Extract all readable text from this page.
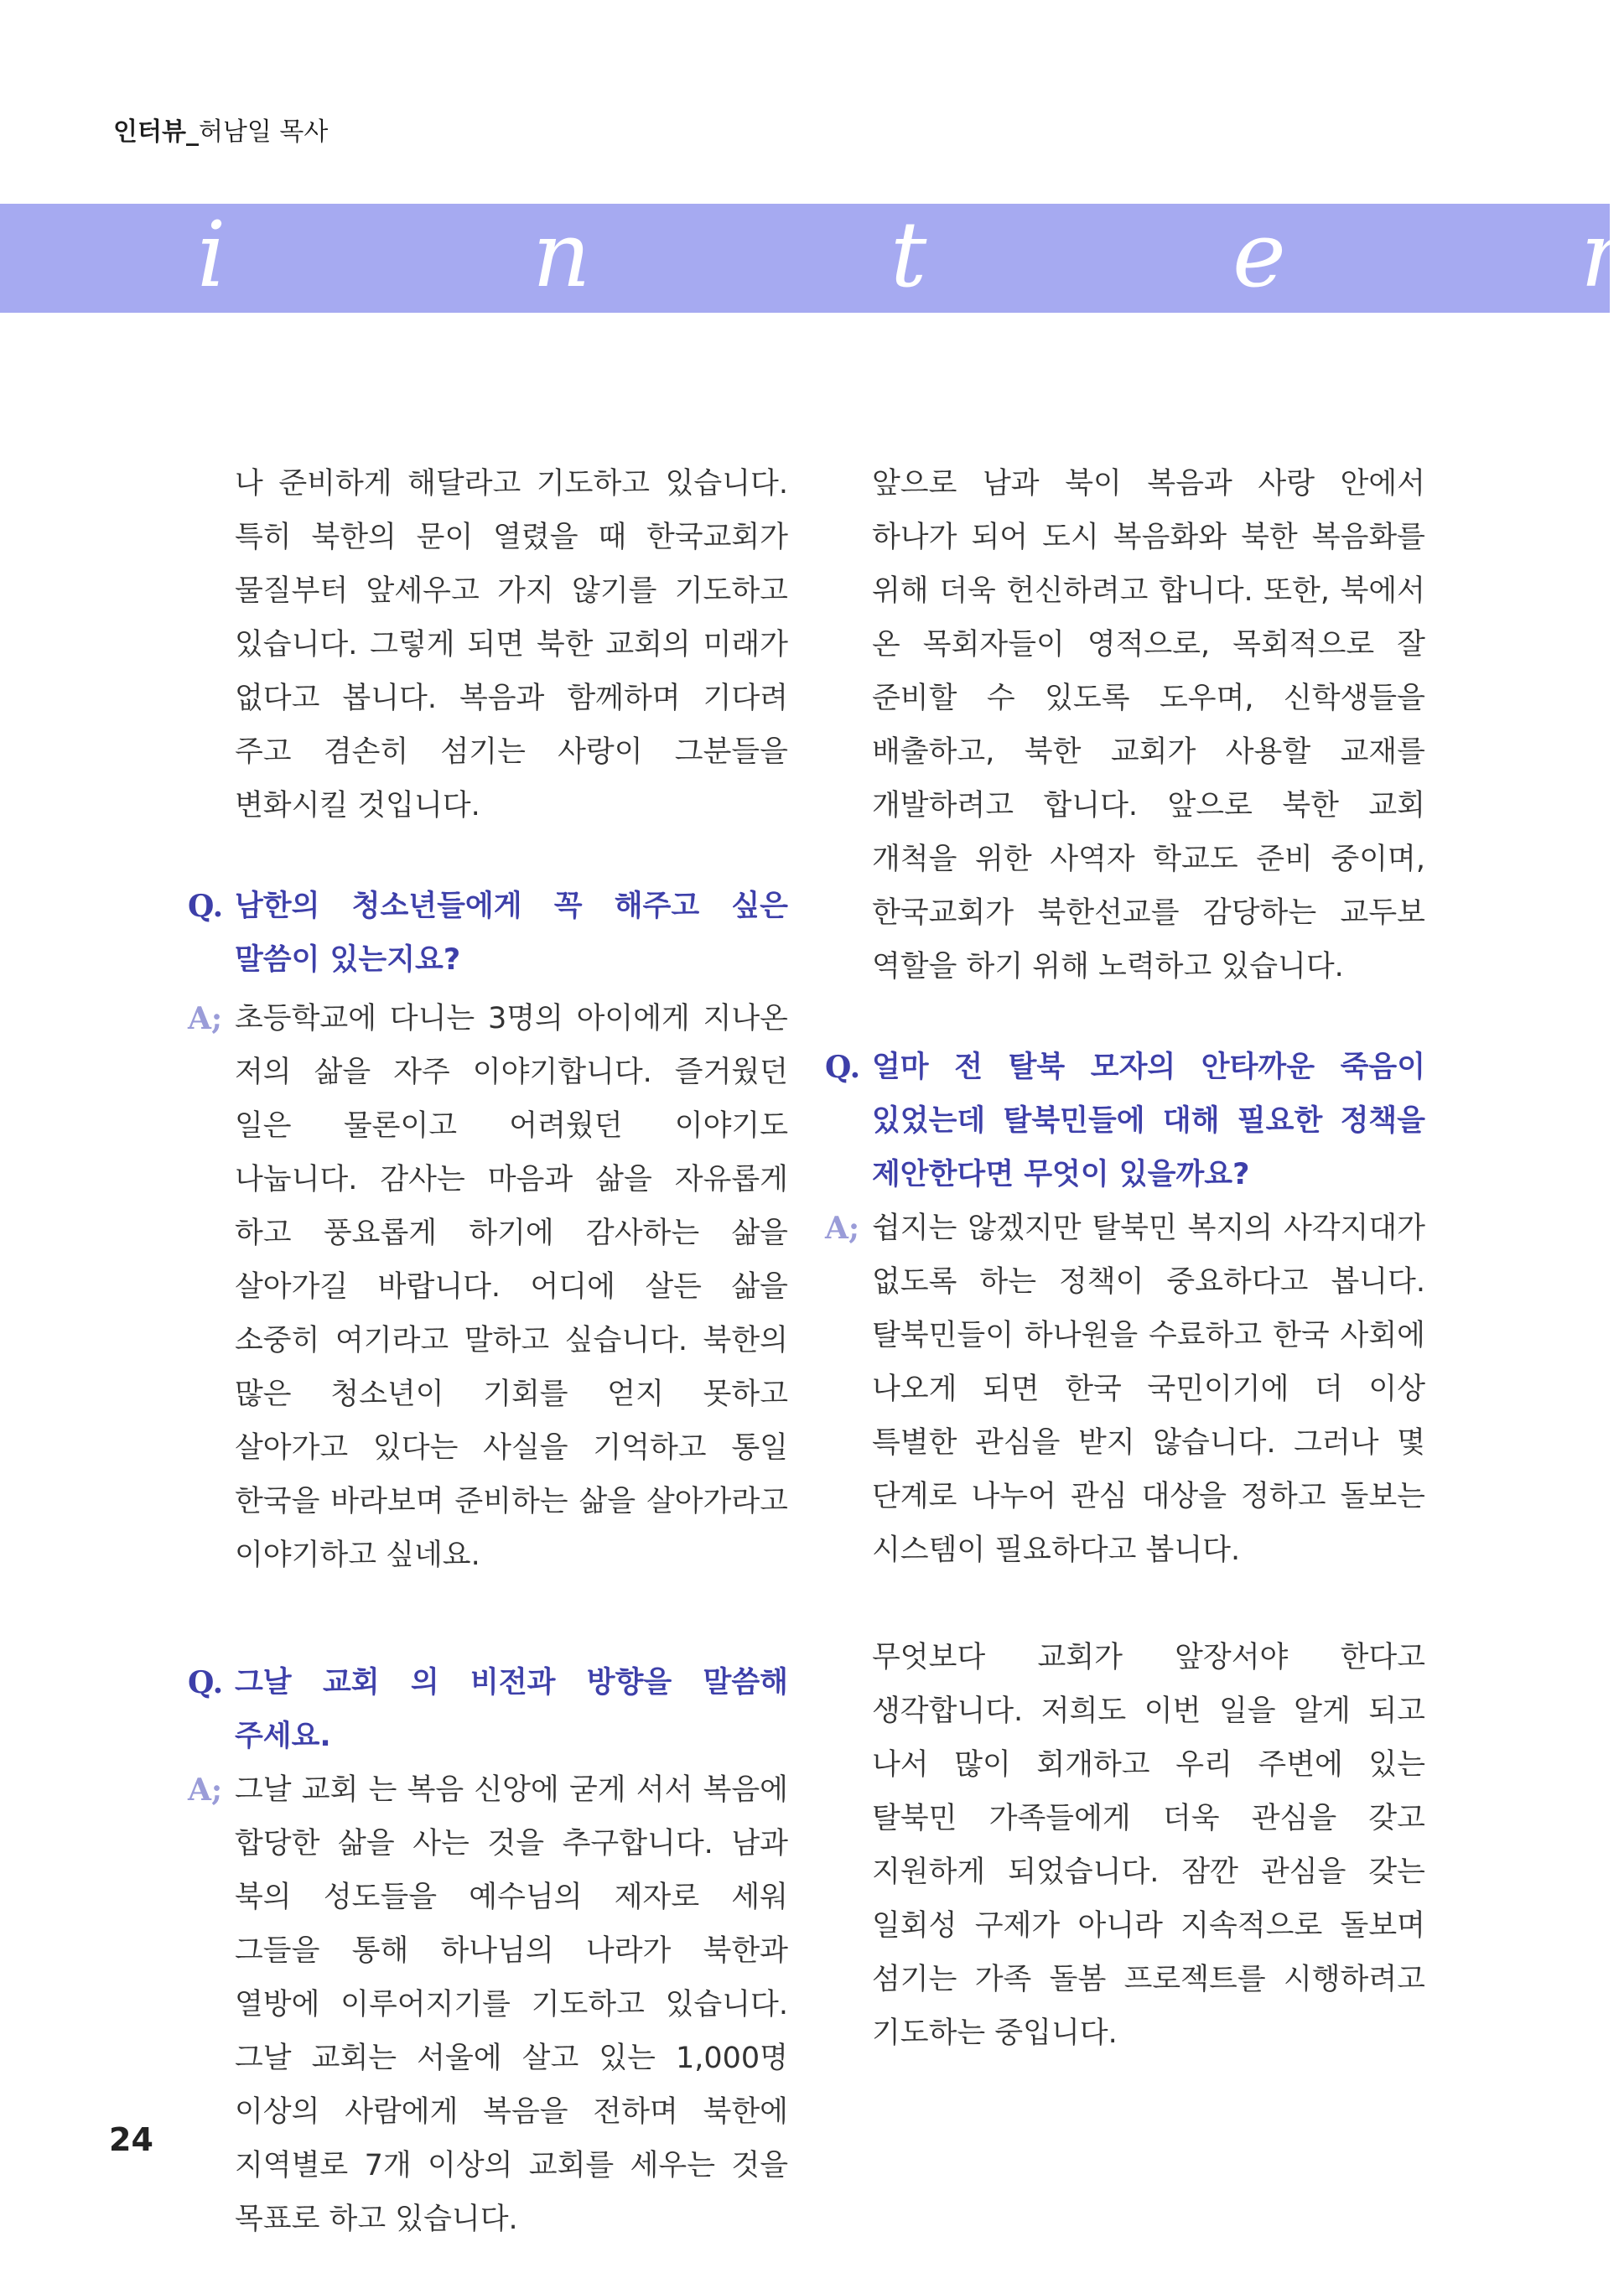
인터뷰_허남일 목사
i	n	t	e	r

나 준비하게 해달라고 기도하고 있습니다. 특히 북한의 문이 열렸을 때 한국교회가 물질부터 앞세우고 가지 않기를 기도하고 있습니다. 그렇게 되면 북한 교회의 미래가 없다고 봅니다. 복음과 함께하며 기다려 주고 겸손히 섬기는 사랑이 그분들을 변화시킬 것입니다.

Q. 남한의 청소년들에게 꼭 해주고 싶은 말씀이 있는지요?

A; 초등학교에 다니는 3명의 아이에게 지나온 저의 삶을 자주 이야기합니다. 즐거웠던 일은 물론이고 어려웠던 이야기도 나눕니다. 감사는 마음과 삶을 자유롭게 하고 풍요롭게 하기에 감사하는 삶을 살아가길 바랍니다. 어디에 살든 삶을 소중히 여기라고 말하고 싶습니다. 북한의 많은 청소년이 기회를 얻지 못하고 살아가고 있다는 사실을 기억하고 통일 한국을 바라보며 준비하는 삶을 살아가라고 이야기하고 싶네요.

Q. 그날 교회 의 비전과 방향을 말씀해 주세요.

A; 그날 교회 는 복음 신앙에 굳게 서서 복음에 합당한 삶을 사는 것을 추구합니다. 남과 북의 성도들을 예수님의 제자로 세워 그들을 통해 하나님의 나라가 북한과 열방에 이루어지기를 기도하고 있습니다. 그날 교회는 서울에 살고 있는 1,000명 이상의 사람에게 복음을 전하며 북한에 지역별로 7개 이상의 교회를 세우는 것을 목표로 하고 있습니다.

앞으로 남과 북이 복음과 사랑 안에서 하나가 되어 도시 복음화와 북한 복음화를 위해 더욱 헌신하려고 합니다. 또한, 북에서 온 목회자들이 영적으로, 목회적으로 잘 준비할 수 있도록 도우며, 신학생들을 배출하고, 북한 교회가 사용할 교재를 개발하려고 합니다. 앞으로 북한 교회 개척을 위한 사역자 학교도 준비 중이며, 한국교회가 북한선교를 감당하는 교두보 역할을 하기 위해 노력하고 있습니다.

Q. 얼마 전 탈북 모자의 안타까운 죽음이 있었는데 탈북민들에 대해 필요한 정책을 제안한다면 무엇이 있을까요?

A; 쉽지는 않겠지만 탈북민 복지의 사각지대가 없도록 하는 정책이 중요하다고 봅니다. 탈북민들이 하나원을 수료하고 한국 사회에 나오게 되면 한국 국민이기에 더 이상 특별한 관심을 받지 않습니다. 그러나 몇 단계로 나누어 관심 대상을 정하고 돌보는 시스템이 필요하다고 봅니다.

무엇보다 교회가 앞장서야 한다고 생각합니다. 저희도 이번 일을 알게 되고 나서 많이 회개하고 우리 주변에 있는 탈북민 가족들에게 더욱 관심을 갖고 지원하게 되었습니다. 잠깐 관심을 갖는 일회성 구제가 아니라 지속적으로 돌보며 섬기는 가족 돌봄 프로젝트를 시행하려고 기도하는 중입니다.

24
